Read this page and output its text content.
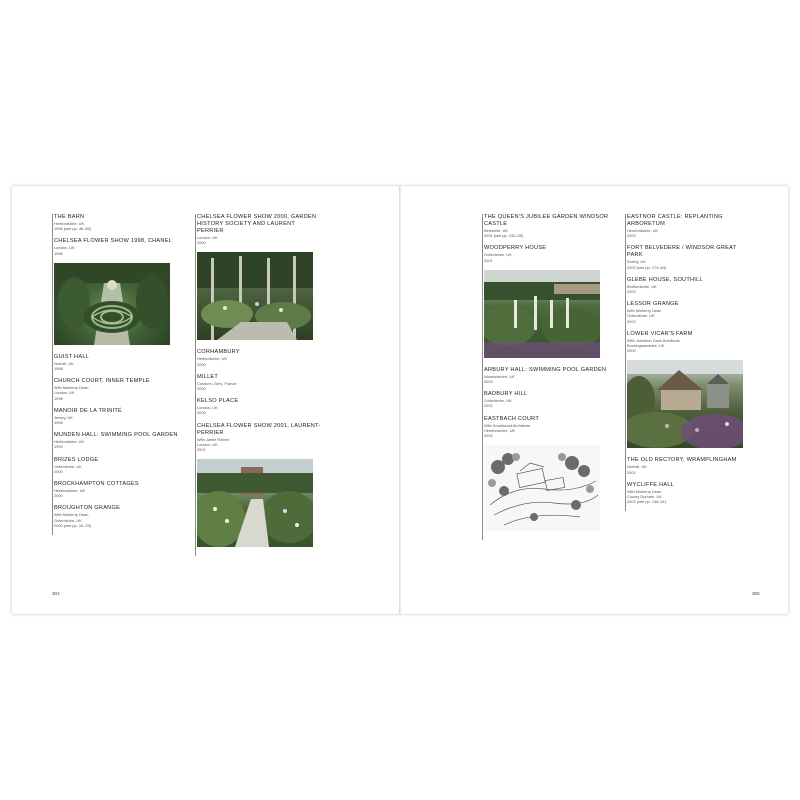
THE BARN
Hertfordshire, UK
1996 (see pp. 46–56)
CHELSEA FLOWER SHOW 1998, CHANEL
London, UK
1998
GUIST HALL
Norfolk, UK
1998
CHURCH COURT, INNER TEMPLE
With Mulberry Dean
London, UK
1998
MANOIR DE LA TRINITÉ
Jersey, UK
1998
MUNDEN HALL: SWIMMING POOL GARDEN
Hertfordshire, UK
1999
BRIZES LODGE
Oxfordshire, UK
2000
BROCKHAMPTON COTTAGES
Herefordshire, UK
2000
BROUGHTON GRANGE
With Mulberry Dean
Oxfordshire, UK
2000 (see pp. 16–25)
CHELSEA FLOWER SHOW 2000, GARDEN HISTORY SOCIETY AND LAURENT PERRIER
London, UK
2000
CORHAMBURY
Hertfordshire, UK
2000
MILLET
Condom, Gers, France
2000
KELSO PLACE
London, UK
2000
CHELSEA FLOWER SHOW 2001, LAURENT-PERRIER
With Jamie Robert
London, UK
2001
304
THE QUEEN'S JUBILEE GARDEN WINDSOR CASTLE
Berkshire, UK
2001 (see pp. 130–35)
WOODPERRY HOUSE
Oxfordshire, UK
2001
ARBURY HALL: SWIMMING POOL GARDEN
Warwickshire, UK
2002
BADBURY HILL
Oxfordshire, UK
2002
EASTBACH COURT
With Smallwood Architects
Herefordshire, UK
2002
EASTNOR CASTLE: REPLANTING ARBORETUM
Herefordshire, UK
2002
FORT BELVEDERE / WINDSOR GREAT PARK
Surrey, UK
2002 (see pp. 174–84)
GLEBE HOUSE, SOUTHILL
Bedfordshire, UK
2002
LESSOR GRANGE
With Mulberry Dean
Oxfordshire, UK
2002
LOWER VICAR'S FARM
With Johnston Cave Architects
Buckinghamshire, UK
2002
THE OLD RECTORY, WRAMPLINGHAM
Norfolk, UK
2002
WYCLIFFE HALL
With Mulberry Dean
County Durham, UK
2002 (see pp. 146–51)
305
